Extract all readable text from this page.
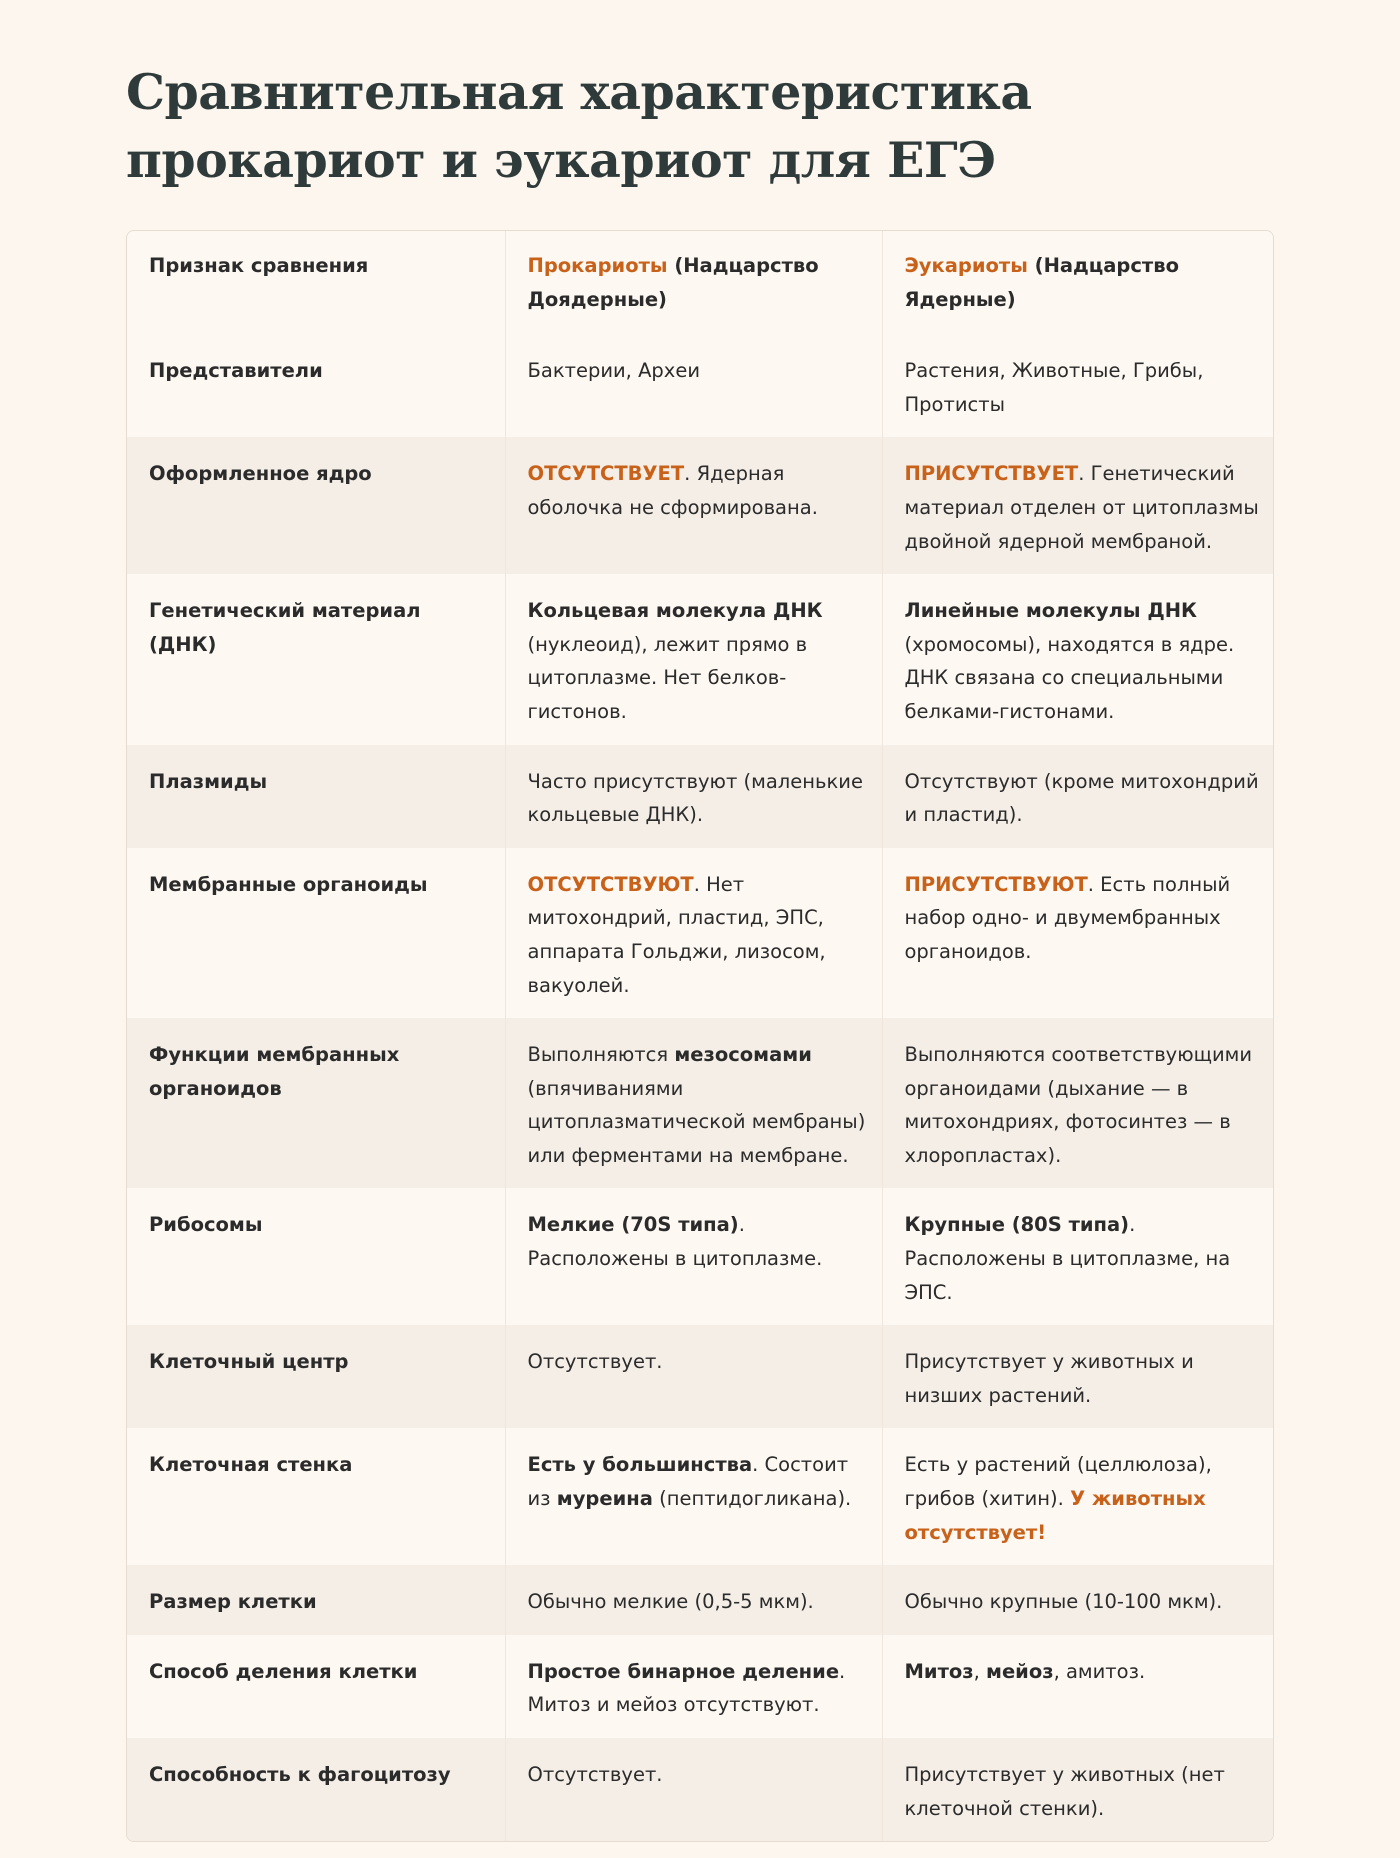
Сравнительная характеристика прокариот и эукариот для ЕГЭ
Признак сравнения	Прокариоты (Надцарство Доядерные)	Эукариоты (Надцарство Ядерные)
Представители	Бактерии, Археи	Растения, Животные, Грибы, Протисты
Оформленное ядро	ОТСУТСТВУЕТ. Ядерная оболочка не сформирована.	ПРИСУТСТВУЕТ. Генетический материал отделен от цитоплазмы двойной ядерной мембраной.
Генетический материал (ДНК)	Кольцевая молекула ДНК (нуклеоид), лежит прямо в цитоплазме. Нет белков-гистонов.	Линейные молекулы ДНК (хромосомы), находятся в ядре. ДНК связана со специальными белками-гистонами.
Плазмиды	Часто присутствуют (маленькие кольцевые ДНК).	Отсутствуют (кроме митохондрий и пластид).
Мембранные органоиды	ОТСУТСТВУЮТ. Нет митохондрий, пластид, ЭПС, аппарата Гольджи, лизосом, вакуолей.	ПРИСУТСТВУЮТ. Есть полный набор одно- и двумембранных органоидов.
Функции мембранных органоидов	Выполняются мезосомами (впячиваниями цитоплазматической мембраны) или ферментами на мембране.	Выполняются соответствующими органоидами (дыхание — в митохондриях, фотосинтез — в хлоропластах).
Рибосомы	Мелкие (70S типа). Расположены в цитоплазме.	Крупные (80S типа). Расположены в цитоплазме, на ЭПС.
Клеточный центр	Отсутствует.	Присутствует у животных и низших растений.
Клеточная стенка	Есть у большинства. Состоит из муреина (пептидогликана).	Есть у растений (целлюлоза), грибов (хитин). У животных отсутствует!
Размер клетки	Обычно мелкие (0,5-5 мкм).	Обычно крупные (10-100 мкм).
Способ деления клетки	Простое бинарное деление. Митоз и мейоз отсутствуют.	Митоз, мейоз, амитоз.
Способность к фагоцитозу	Отсутствует.	Присутствует у животных (нет клеточной стенки).
